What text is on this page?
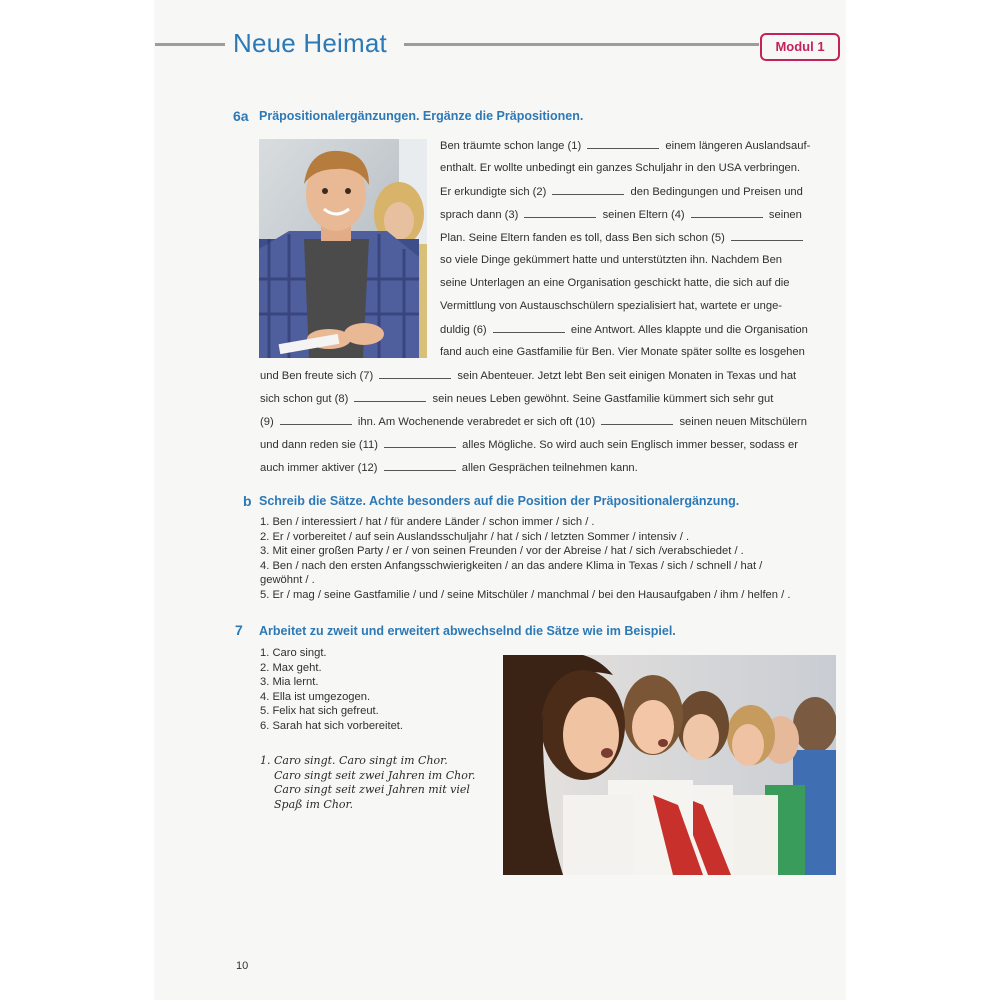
Neue Heimat	Modul 1
6a Präpositionalergänzungen. Ergänze die Präpositionen.
Ben träumte schon lange (1)	einem längeren Auslandsauf-
enthalt. Er wollte unbedingt ein ganzes Schuljahr in den USA verbringen.
Er erkundigte sich (2)	den Bedingungen und Preisen und
sprach dann (3)	seinen Eltern (4)	seinen
Plan. Seine Eltern fanden es toll, dass Ben sich schon (5)
so viele Dinge gekümmert hatte und unterstützten ihn. Nachdem Ben
seine Unterlagen an eine Organisation geschickt hatte, die sich auf die
Vermittlung von Austauschschülern spezialisiert hat, wartete er unge-
duldig (6)	eine Antwort. Alles klappte und die Organisation
fand auch eine Gastfamilie für Ben. Vier Monate später sollte es losgehen
und Ben freute sich (7)	sein Abenteuer. Jetzt lebt Ben seit einigen Monaten in Texas und hat
sich schon gut (8)	sein neues Leben gewöhnt. Seine Gastfamilie kümmert sich sehr gut
(9)	ihn. Am Wochenende verabredet er sich oft (10)	seinen neuen Mitschülern
und dann reden sie (11)	alles Mögliche. So wird auch sein Englisch immer besser, sodass er
auch immer aktiver (12)	allen Gesprächen teilnehmen kann.
b Schreib die Sätze. Achte besonders auf die Position der Präpositionalergänzung.
1. Ben / interessiert / hat / für andere Länder / schon immer / sich / .
2. Er / vorbereitet / auf sein Auslandsschuljahr / hat / sich / letzten Sommer / intensiv / .
3. Mit einer großen Party / er / von seinen Freunden / vor der Abreise / hat / sich /verabschiedet / .
4. Ben / nach den ersten Anfangsschwierigkeiten / an das andere Klima in Texas / sich / schnell / hat /
gewöhnt / .
5. Er / mag / seine Gastfamilie / und / seine Mitschüler / manchmal / bei den Hausaufgaben / ihm / helfen / .
7 Arbeitet zu zweit und erweitert abwechselnd die Sätze wie im Beispiel.
1. Caro singt.
2. Max geht.
3. Mia lernt.
4. Ella ist umgezogen.
5. Felix hat sich gefreut.
6. Sarah hat sich vorbereitet.
1. Caro singt. Caro singt im Chor.
Caro singt seit zwei Jahren im Chor.
Caro singt seit zwei Jahren mit viel
Spaß im Chor.
10
